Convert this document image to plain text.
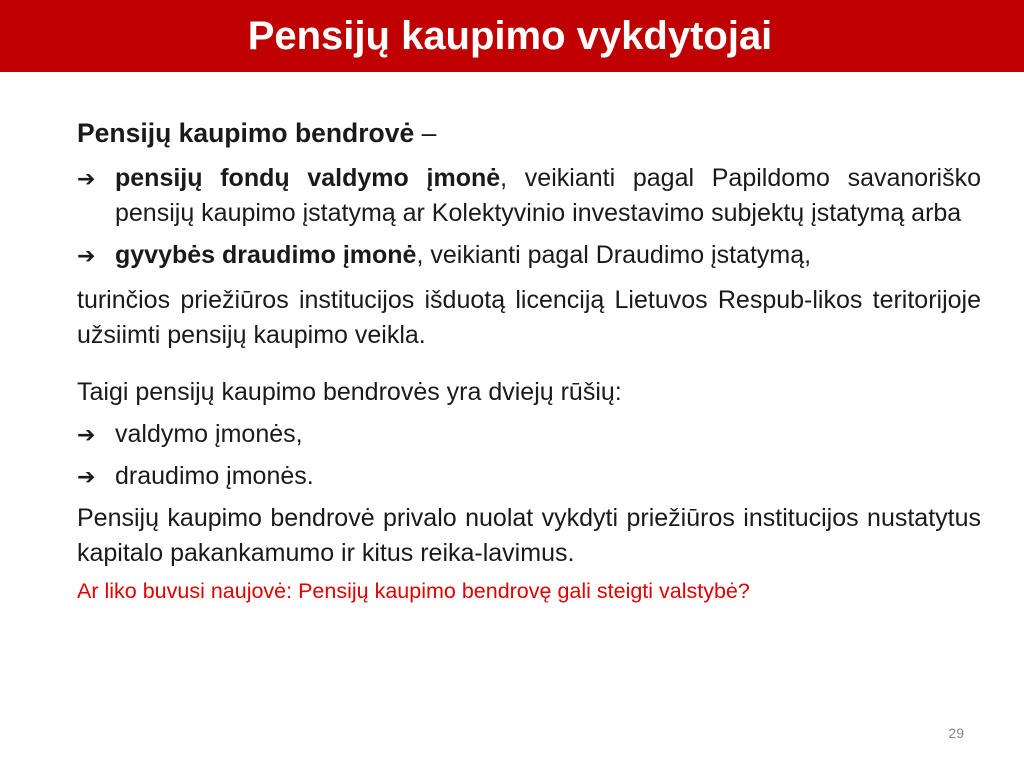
Pensijų kaupimo vykdytojai
Pensijų kaupimo bendrovė –
➔ pensijų fondų valdymo įmonė, veikianti pagal Papildomo savanoriško pensijų kaupimo įstatymą ar Kolektyvinio investavimo subjektų įstatymą arba
➔ gyvybės draudimo įmonė, veikianti pagal Draudimo įstatymą,
turinčios priežiūros institucijos išduotą licenciją Lietuvos Respub-likos teritorijoje užsiimti pensijų kaupimo veikla.
Taigi pensijų kaupimo bendrovės yra dviejų rūšių:
➔ valdymo įmonės,
➔ draudimo įmonės.
Pensijų kaupimo bendrovė privalo nuolat vykdyti priežiūros institucijos nustatytus kapitalo pakankamumo ir kitus reika-lavimus.
Ar liko buvusi naujovė: Pensijų kaupimo bendrovę gali steigti valstybė?
29
